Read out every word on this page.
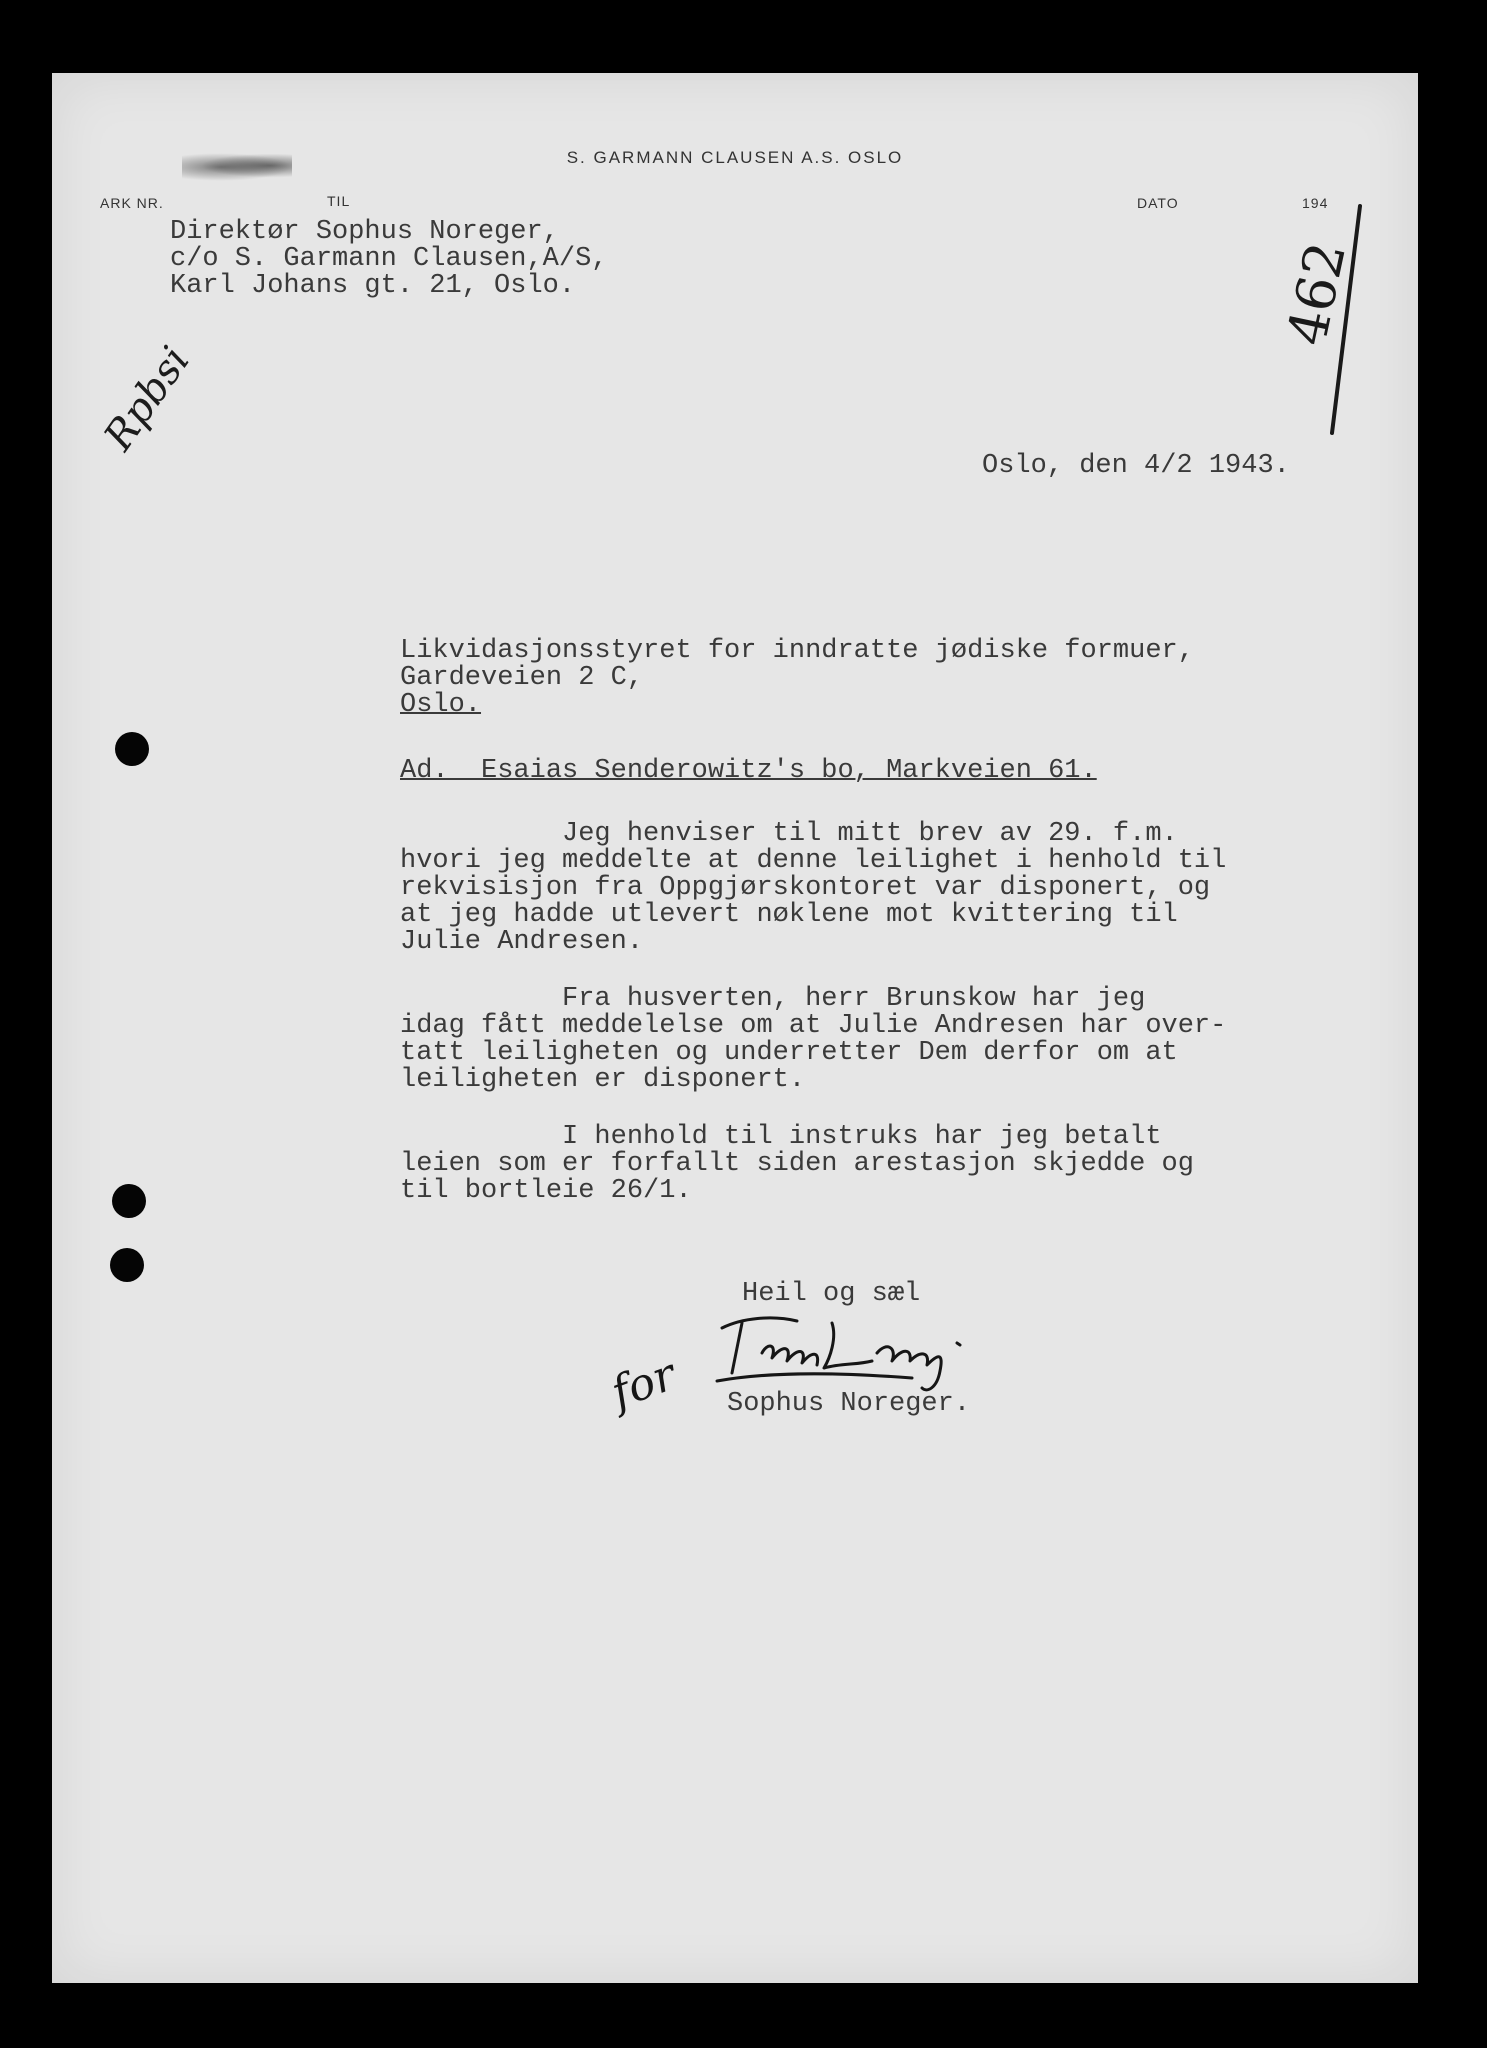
S. GARMANN CLAUSEN A.S. OSLO
ARK NR.	TIL	DATO	194
Direktør Sophus Noreger,
c/o S. Garmann Clausen,A/S,
Karl Johans gt. 21, Oslo.	462
Rpbsi
Oslo, den 4/2 1943.
Likvidasjonsstyret for inndratte jødiske formuer,
Gardeveien 2 C,
Oslo.
Ad.  Esaias Senderowitz's bo, Markveien 61.
Jeg henviser til mitt brev av 29. f.m.
hvori jeg meddelte at denne leilighet i henhold til
rekvisisjon fra Oppgjørskontoret var disponert, og
at jeg hadde utlevert nøklene mot kvittering til
Julie Andresen.
Fra husverten, herr Brunskow har jeg
idag fått meddelelse om at Julie Andresen har over-
tatt leiligheten og underretter Dem derfor om at
leiligheten er disponert.
I henhold til instruks har jeg betalt
leien som er forfallt siden arestasjon skjedde og
til bortleie 26/1.
Heil og sæl
for Sophus Noreger.
